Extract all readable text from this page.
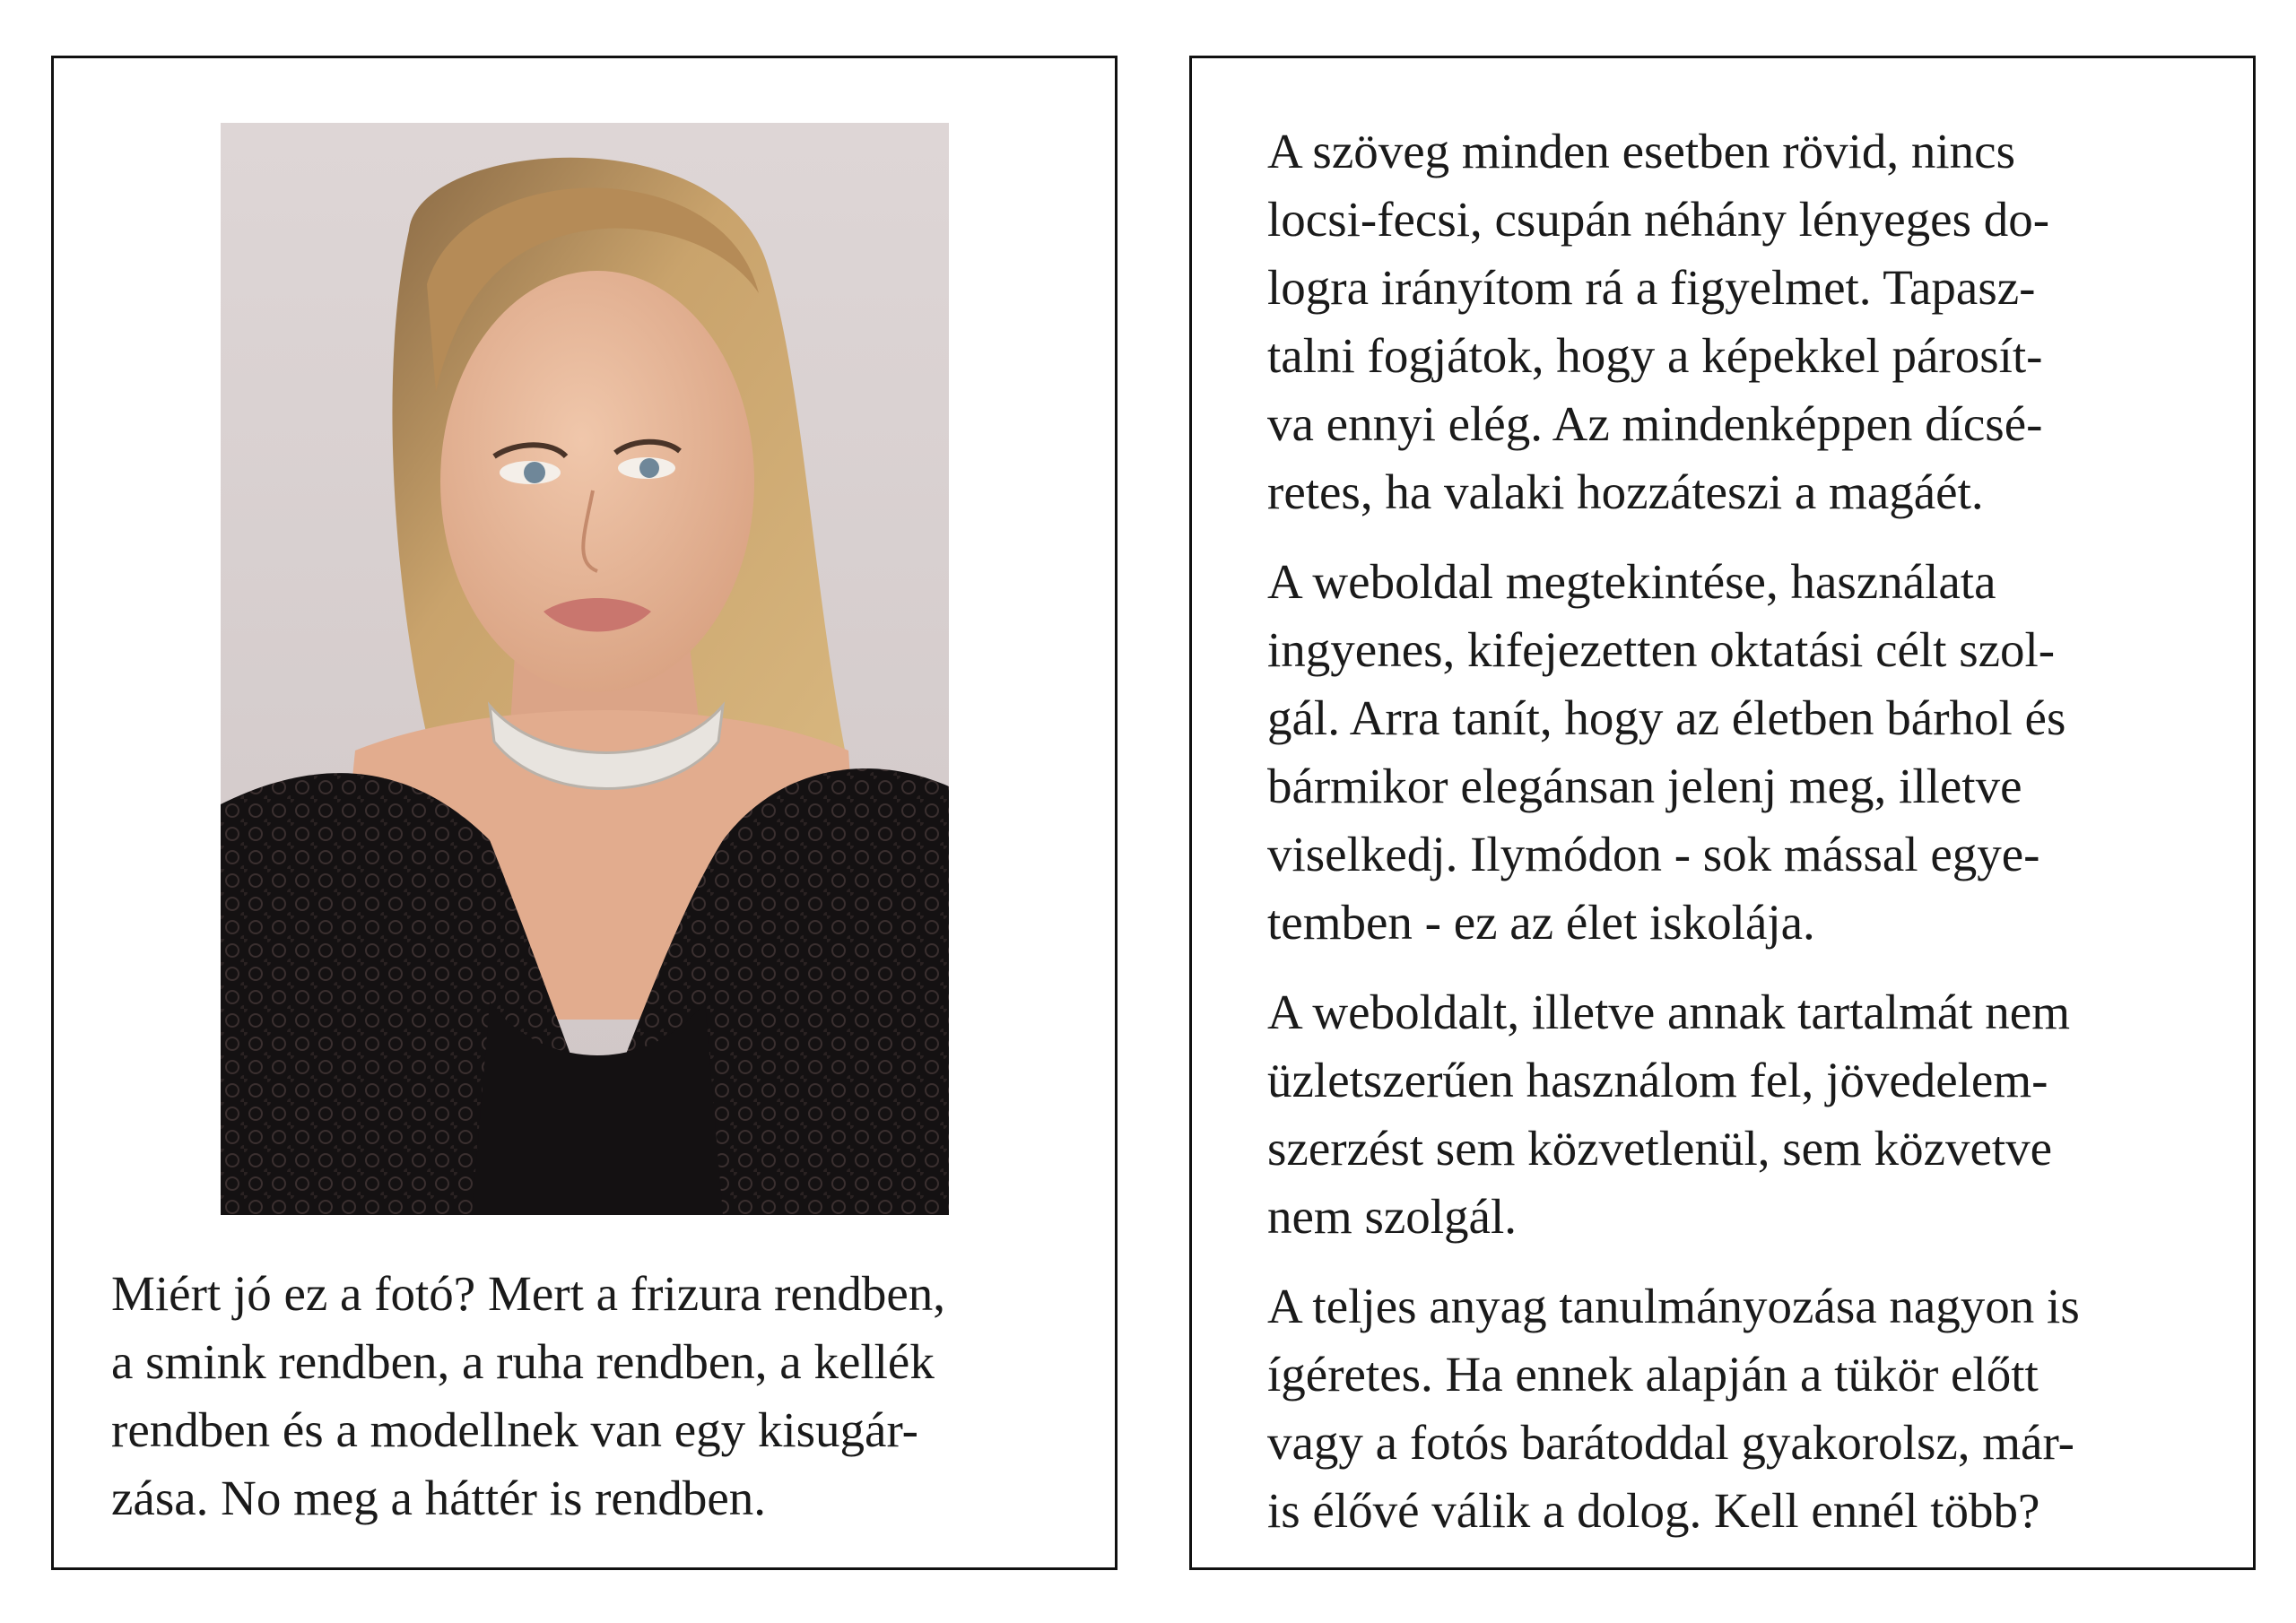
Miért jó ez a fotó? Mert a frizura rendben,
a smink rendben, a ruha rendben, a kellék
rendben és a modellnek van egy kisugár-
zása. No meg a háttér is rendben.

A szöveg minden esetben rövid, nincs
locsi-fecsi, csupán néhány lényeges do-
logra irányítom rá a figyelmet. Tapasz-
talni fogjátok, hogy a képekkel párosít-
va ennyi elég. Az mindenképpen dícsé-
retes, ha valaki hozzáteszi a magáét.

A weboldal megtekintése, használata
ingyenes, kifejezetten oktatási célt szol-
gál. Arra tanít, hogy az életben bárhol és
bármikor elegánsan jelenj meg, illetve
viselkedj. Ilymódon - sok mással egye-
temben - ez az élet iskolája.

A weboldalt, illetve annak tartalmát nem
üzletszerűen használom fel, jövedelem-
szerzést sem közvetlenül, sem közvetve
nem szolgál.

A teljes anyag tanulmányozása nagyon is
ígéretes. Ha ennek alapján a tükör előtt
vagy a fotós barátoddal gyakorolsz, már-
is élővé válik a dolog. Kell ennél több?
